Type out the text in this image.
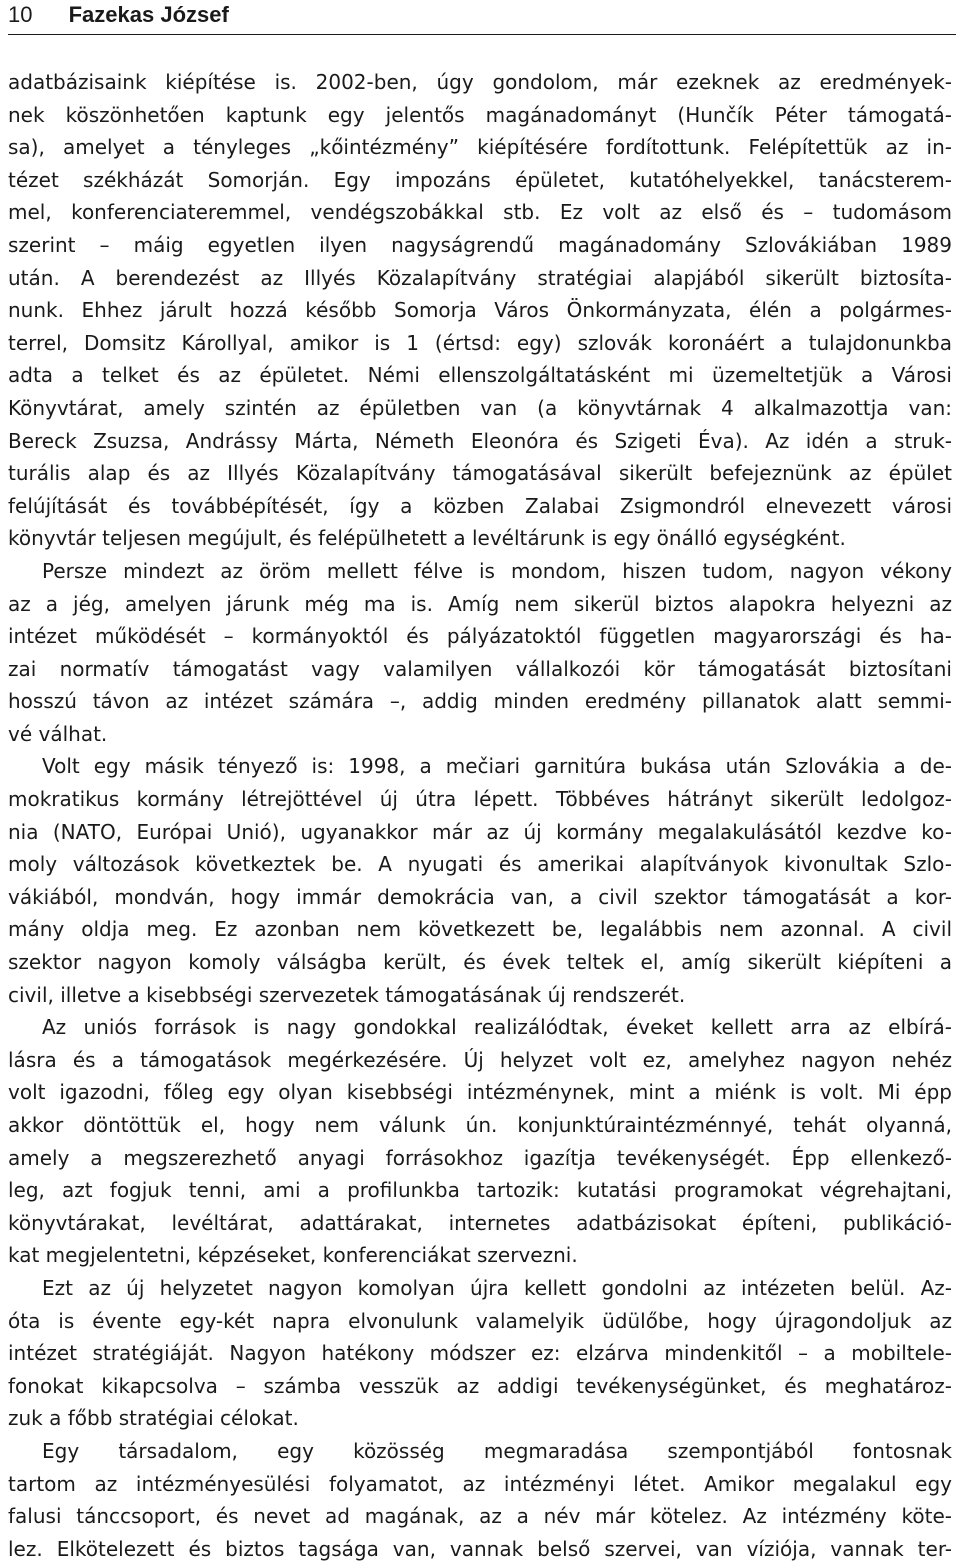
10 Fazekas József
adatbázisaink kiépítése is. 2002-ben, úgy gondolom, már ezeknek az eredmények-
nek köszönhetően kaptunk egy jelentős magánadományt (Hunčík Péter támogatá-
sa), amelyet a tényleges „kőintézmény” kiépítésére fordítottunk. Felépítettük az in-
tézet székházát Somorján. Egy impozáns épületet, kutatóhelyekkel, tanácsterem-
mel, konferenciateremmel, vendégszobákkal stb. Ez volt az első és – tudomásom
szerint – máig egyetlen ilyen nagyságrendű magánadomány Szlovákiában 1989
után. A berendezést az Illyés Közalapítvány stratégiai alapjából sikerült biztosíta-
nunk. Ehhez járult hozzá később Somorja Város Önkormányzata, élén a polgármes-
terrel, Domsitz Károllyal, amikor is 1 (értsd: egy) szlovák koronáért a tulajdonunkba
adta a telket és az épületet. Némi ellenszolgáltatásként mi üzemeltetjük a Városi
Könyvtárat, amely szintén az épületben van (a könyvtárnak 4 alkalmazottja van:
Bereck Zsuzsa, Andrássy Márta, Németh Eleonóra és Szigeti Éva). Az idén a struk-
turális alap és az Illyés Közalapítvány támogatásával sikerült befejeznünk az épület
felújítását és továbbépítését, így a közben Zalabai Zsigmondról elnevezett városi
könyvtár teljesen megújult, és felépülhetett a levéltárunk is egy önálló egységként.
Persze mindezt az öröm mellett félve is mondom, hiszen tudom, nagyon vékony
az a jég, amelyen járunk még ma is. Amíg nem sikerül biztos alapokra helyezni az
intézet működését – kormányoktól és pályázatoktól független magyarországi és ha-
zai normatív támogatást vagy valamilyen vállalkozói kör támogatását biztosítani
hosszú távon az intézet számára –, addig minden eredmény pillanatok alatt semmi-
vé válhat.
Volt egy másik tényező is: 1998, a mečiari garnitúra bukása után Szlovákia a de-
mokratikus kormány létrejöttével új útra lépett. Többéves hátrányt sikerült ledolgoz-
nia (NATO, Európai Unió), ugyanakkor már az új kormány megalakulásától kezdve ko-
moly változások következtek be. A nyugati és amerikai alapítványok kivonultak Szlo-
vákiából, mondván, hogy immár demokrácia van, a civil szektor támogatását a kor-
mány oldja meg. Ez azonban nem következett be, legalábbis nem azonnal. A civil
szektor nagyon komoly válságba került, és évek teltek el, amíg sikerült kiépíteni a
civil, illetve a kisebbségi szervezetek támogatásának új rendszerét.
Az uniós források is nagy gondokkal realizálódtak, éveket kellett arra az elbírá-
lásra és a támogatások megérkezésére. Új helyzet volt ez, amelyhez nagyon nehéz
volt igazodni, főleg egy olyan kisebbségi intézménynek, mint a miénk is volt. Mi épp
akkor döntöttük el, hogy nem válunk ún. konjunktúraintézménnyé, tehát olyanná,
amely a megszerezhető anyagi forrásokhoz igazítja tevékenységét. Épp ellenkező-
leg, azt fogjuk tenni, ami a profilunkba tartozik: kutatási programokat végrehajtani,
könyvtárakat, levéltárat, adattárakat, internetes adatbázisokat építeni, publikáció-
kat megjelentetni, képzéseket, konferenciákat szervezni.
Ezt az új helyzetet nagyon komolyan újra kellett gondolni az intézeten belül. Az-
óta is évente egy-két napra elvonulunk valamelyik üdülőbe, hogy újragondoljuk az
intézet stratégiáját. Nagyon hatékony módszer ez: elzárva mindenkitől – a mobiltele-
fonokat kikapcsolva – számba vesszük az addigi tevékenységünket, és meghatároz-
zuk a főbb stratégiai célokat.
Egy társadalom, egy közösség megmaradása szempontjából fontosnak
tartom az intézményesülési folyamatot, az intézményi létet. Amikor megalakul egy
falusi tánccsoport, és nevet ad magának, az a név már kötelez. Az intézmény köte-
lez. Elkötelezett és biztos tagsága van, vannak belső szervei, van víziója, vannak ter-
